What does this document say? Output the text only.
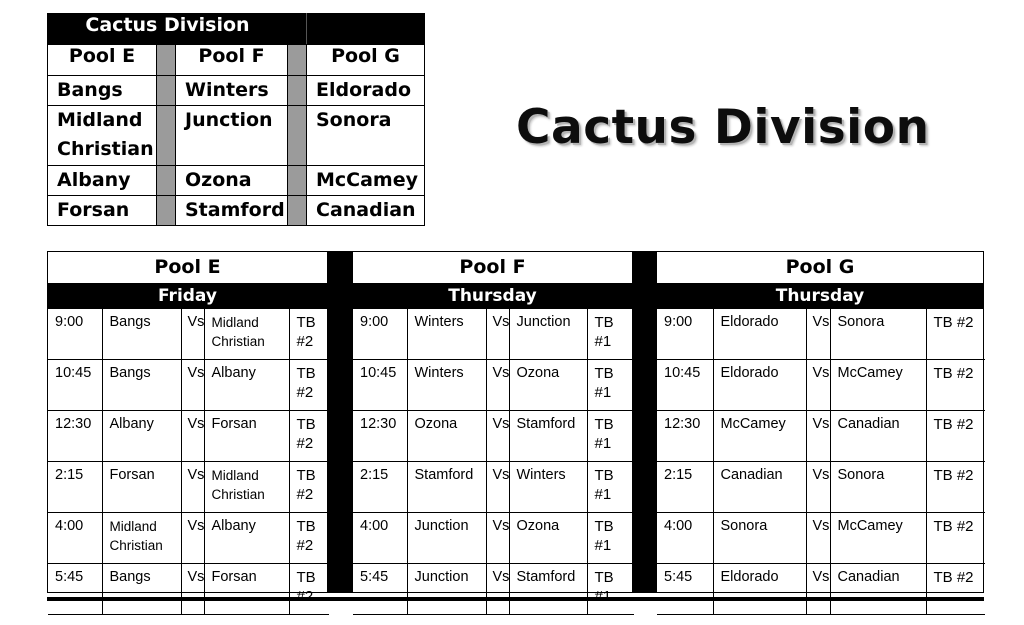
Cactus Division				
Pool E		Pool F		Pool G
Bangs		Winters		Eldorado
Midland Christian		Junction		Sonora
Albany		Ozona		McCamey
Forsan		Stamford		Canadian
Cactus Division
Pool E
Friday
9:00	Bangs	Vs	Midland Christian	TB #2
10:45	Bangs	Vs	Albany	TB #2
12:30	Albany	Vs	Forsan	TB #2
2:15	Forsan	Vs	Midland Christian	TB #2
4:00	Midland Christian	Vs	Albany	TB #2
5:45	Bangs	Vs	Forsan	TB #2
Pool F
Thursday
9:00	Winters	Vs	Junction	TB #1
10:45	Winters	Vs	Ozona	TB #1
12:30	Ozona	Vs	Stamford	TB #1
2:15	Stamford	Vs	Winters	TB #1
4:00	Junction	Vs	Ozona	TB #1
5:45	Junction	Vs	Stamford	TB #1
Pool G
Thursday
9:00	Eldorado	Vs	Sonora	TB #2
10:45	Eldorado	Vs	McCamey	TB #2
12:30	McCamey	Vs	Canadian	TB #2
2:15	Canadian	Vs	Sonora	TB #2
4:00	Sonora	Vs	McCamey	TB #2
5:45	Eldorado	Vs	Canadian	TB #2
